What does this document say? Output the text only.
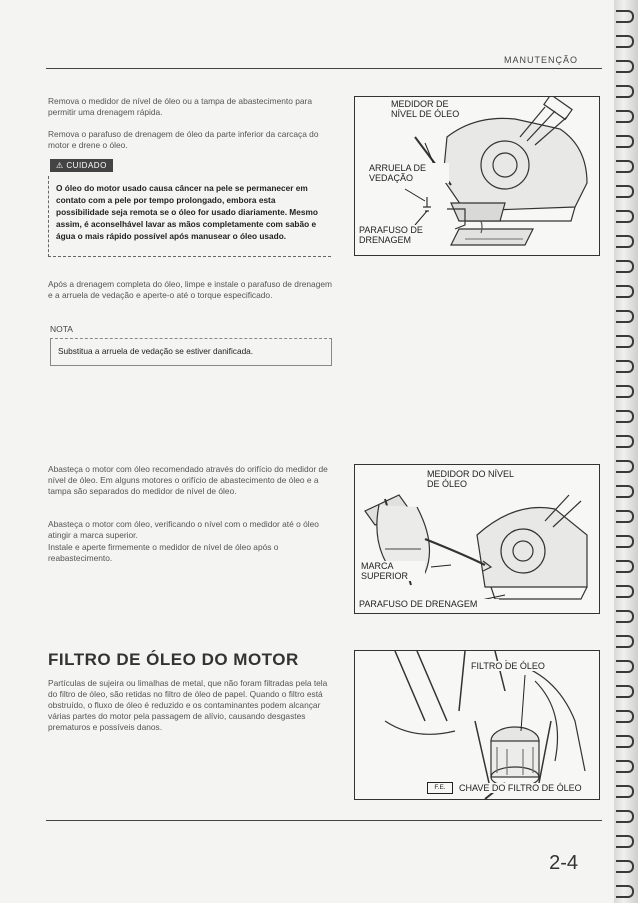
MANUTENÇÃO
Remova o medidor de nível de óleo ou a tampa de abastecimento para permitir uma drenagem rápida.
Remova o parafuso de drenagem de óleo da parte inferior da carcaça do motor e drene o óleo.
⚠ CUIDADO
O óleo do motor usado causa câncer na pele se permanecer em contato com a pele por tempo prolongado, embora esta possibilidade seja remota se o óleo for usado diariamente. Mesmo assim, é aconselhável lavar as mãos completamente com sabão e água o mais rápido possível após manusear o óleo usado.
Após a drenagem completa do óleo, limpe e instale o parafuso de drenagem e a arruela de vedação e aperte-o até o torque especificado.
NOTA
Substitua a arruela de vedação se estiver danificada.
MEDIDOR DE NÍVEL DE ÓLEO
ARRUELA DE VEDAÇÃO
PARAFUSO DE DRENAGEM
Abasteça o motor com óleo recomendado através do orifício do medidor de nível de óleo. Em alguns motores o orifício de abastecimento de óleo e a tampa são separados do medidor de nível de óleo.
Abasteça o motor com óleo, verificando o nível com o medidor até o óleo atingir a marca superior.
Instale e aperte firmemente o medidor de nível de óleo após o reabastecimento.
MEDIDOR DO NÍVEL DE ÓLEO
MARCA SUPERIOR
PARAFUSO DE DRENAGEM
FILTRO DE ÓLEO DO MOTOR
Partículas de sujeira ou limalhas de metal, que não foram filtradas pela tela do filtro de óleo, são retidas no filtro de óleo de papel. Quando o filtro está obstruído, o fluxo de óleo é reduzido e os contaminantes podem alcançar várias partes do motor pela passagem de alívio, causando desgastes prematuros e possíveis danos.
FILTRO DE ÓLEO
F.E.	CHAVE DO FILTRO DE ÓLEO
2-4
